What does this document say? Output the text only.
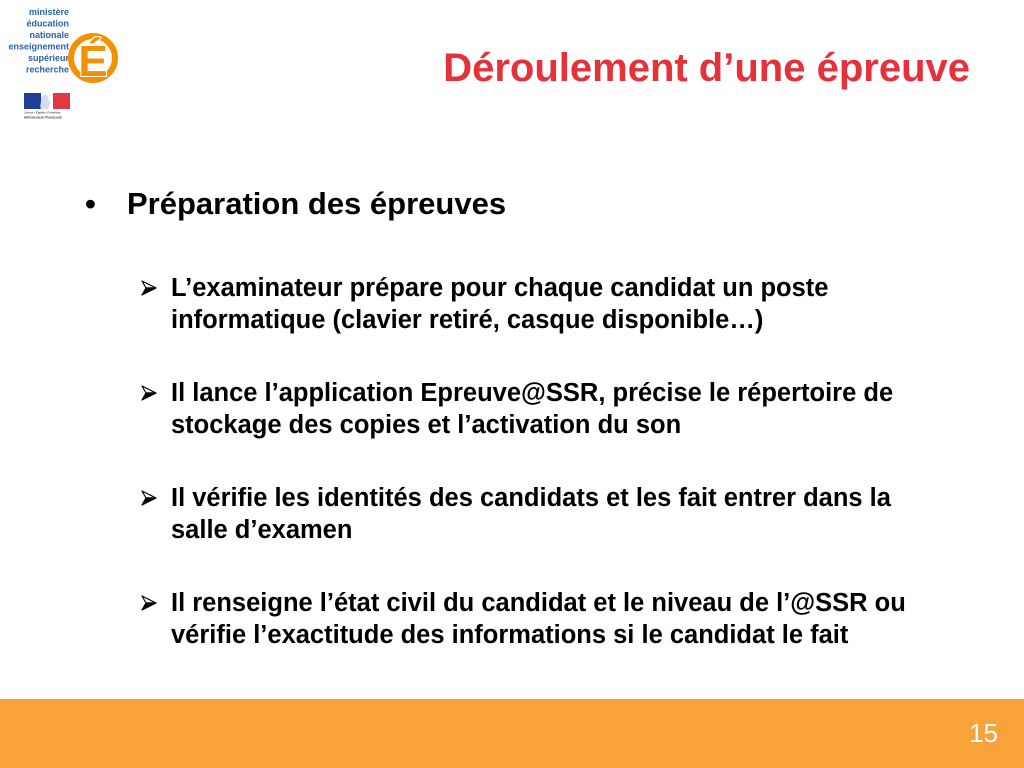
ministère
éducation
nationale
enseignement
supérieur
recherche É
Liberté • Égalité • Fraternité
RÉPUBLIQUE FRANÇAISE
Déroulement d’une épreuve
• Préparation des épreuves
L’examinateur prépare pour chaque candidat un poste informatique (clavier retiré, casque disponible…)
Il lance l’application Epreuve@SSR, précise le répertoire de stockage des copies et l’activation du son
Il vérifie les identités des candidats et les fait entrer dans la salle d’examen
Il renseigne l’état civil du candidat et le niveau de l’@SSR ou vérifie l’exactitude des informations si le candidat le fait
15
